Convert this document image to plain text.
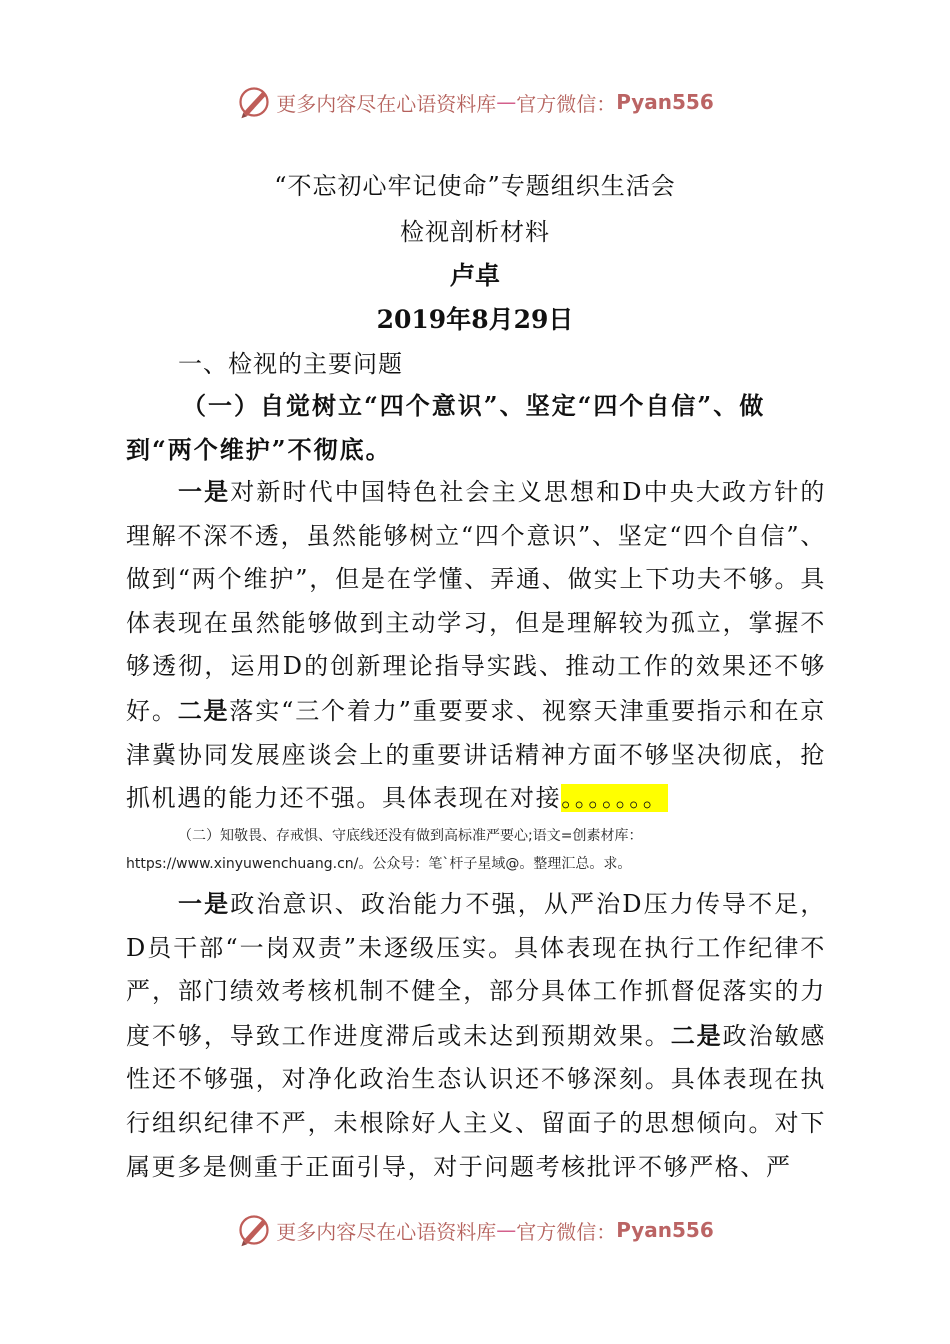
更多内容尽在心语资料库 — 官方微信： Pyan556
“不忘初心牢记使命”专题组织生活会
检视剖析材料
卢卓
2019年8月29日
一、检视的主要问题
（一）自觉树立“四个意识”、坚定“四个自信”、做到“两个维护”不彻底。
一是对新时代中国特色社会主义思想和D中央大政方针的理解不深不透，虽然能够树立“四个意识”、坚定“四个自信”、做到“两个维护”，但是在学懂、弄通、做实上下功夫不够。具体表现在虽然能够做到主动学习，但是理解较为孤立，掌握不够透彻，运用D的创新理论指导实践、推动工作的效果还不够好。二是落实“三个着力”重要要求、视察天津重要指示和在京津冀协同发展座谈会上的重要讲话精神方面不够坚决彻底，抢抓机遇的能力还不强。具体表现在对接。。。。。。。
（二）知敬畏、存戒惧、守底线还没有做到高标准严要心;语文=创素材库：https://www.xinyuwenchuang.cn/。公众号：笔`杆子星域@。整理汇总。求。
一是政治意识、政治能力不强，从严治D压力传导不足，D员干部“一岗双责”未逐级压实。具体表现在执行工作纪律不严，部门绩效考核机制不健全，部分具体工作抓督促落实的力度不够，导致工作进度滞后或未达到预期效果。二是政治敏感性还不够强，对净化政治生态认识还不够深刻。具体表现在执行组织纪律不严，未根除好人主义、留面子的思想倾向。对下属更多是侧重于正面引导，对于问题考核批评不够严格、严
更多内容尽在心语资料库 — 官方微信： Pyan556
